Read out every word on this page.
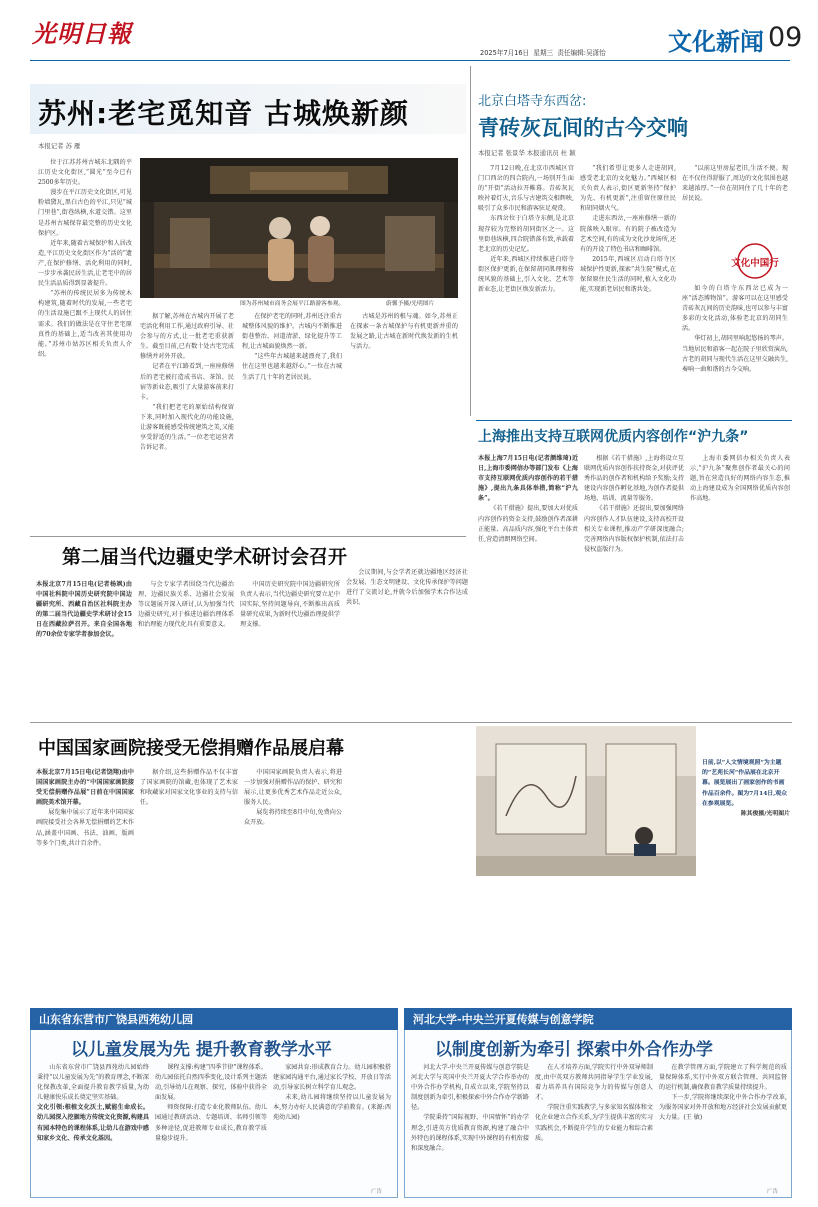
光明日報
2025年7月16日 星期三 责任编辑:吴潇怡	文化新闻 09
苏州:老宅觅知音 古城焕新颜
本报记者 苏 雁

位于江苏苏州古城东北隅的平江历史文化街区,“圆光”至今已有2500多年历史。

漫步在平江历史文化街区,可见粉墙黛瓦,黑白古色的平江,只见“城门里巷”,街巷纵横,水道交错。这里是苏州古城保存最完整的历史文化保护区。

近年来,随着古城保护和人居改造,平江历史文化街区作为“活的”遗产,在保护修缮、活化利用的同时,一步步承袭民居生活,让老宅中的居民生活品质得到显著提升。

“苏州的传统民居多为传统木构建筑,随着时代的发展,一些老宅的生活设施已跟不上现代人的居住需求。我们的做法是在守住老宅原真性的基础上,适当改善其使用功能。”苏州市姑苏区相关负责人介绍。

图为苏州城市商务会展平江路游客参观。	蔚馨予摄/光明图片

据了解,苏州在古城内开展了老宅活化利用工作,通过政府引导、社会参与的方式,让一批老宅重获新生。截至目前,已有数十处古宅完成修缮并对外开放。

记者在平江路看到,一座座修缮后的老宅被打造成书店、茶馆、民宿等新业态,吸引了大量游客前来打卡。

“我们把老宅的原始结构保留下来,同时加入现代化的功能设施,让游客既能感受传统建筑之美,又能享受舒适的生活。”一位老宅运营者告诉记者。

在保护老宅的同时,苏州还注重古城整体风貌的维护。古城内不断推进街巷整治、河道清淤、绿化提升等工程,让古城面貌焕然一新。

“这些年古城越来越漂亮了,我们住在这里也越来越舒心。”一位在古城生活了几十年的老居民说。

古城是苏州的根与魂。如今,苏州正在探索一条古城保护与有机更新并重的发展之路,让古城在新时代焕发新的生机与活力。

北京白塔寺东西岔:
青砖灰瓦间的古今交响
本报记者 张景华 本报通讯员 杜 颖

7月12日晚,在北京市西城区宫门口西岔的四合院内,一场别开生面的“开街”活动拉开帷幕。青砖灰瓦映衬着灯火,音乐与古建筑交相辉映,吸引了众多市民和游客驻足观赏。

东西岔位于白塔寺东侧,是北京现存较为完整的胡同街区之一。这里街巷纵横,四合院错落有致,承载着老北京的历史记忆。

近年来,西城区持续推进白塔寺街区保护更新,在保留胡同肌理和传统风貌的基础上,引入文化、艺术等新业态,让老街区焕发新活力。

“我们希望让更多人走进胡同,感受老北京的文化魅力。”西城区相关负责人表示,街区更新坚持“保护为先、有机更新”,注重留住原住民和胡同烟火气。

走进东西岔,一座座修缮一新的院落映入眼帘。有的院子被改造为艺术空间,有的成为文化沙龙场所,还有的开设了特色书店和咖啡馆。

2015年,西城区启动白塔寺区域保护性更新,探索“共生院”模式,在保留原住民生活的同时,植入文化功能,实现新老居民和谐共处。

“以前这里房屋老旧,生活不便。现在不仅住得舒服了,周边的文化氛围也越来越浓厚。”一位在胡同住了几十年的老居民说。

文化中国行

如今的白塔寺东西岔已成为一座“活态博物馆”。游客可以在这里感受青砖灰瓦间的历史韵味,也可以参与丰富多彩的文化活动,体验老北京的胡同生活。

华灯初上,胡同里响起悠扬的琴声。当地居民和游客一起在院子里欣赏演出,古老的胡同与现代生活在这里交融共生,奏响一曲和谐的古今交响。

上海推出支持互联网优质内容创作“沪九条”

本报上海7月15日电(记者颜维琦)近日,上海市委网信办等部门发布《上海市支持互联网优质内容创作的若干措施》,提出九条具体举措,简称“沪九条”。

《若干措施》提出,要加大对优质内容创作的资金支持,鼓励创作者深耕正能量、高品质内容,强化平台主体责任,营造清朗网络空间。

根据《若干措施》,上海将设立互联网优质内容创作扶持资金,对获评优秀作品的创作者和机构给予奖励;支持建设内容创作孵化基地,为创作者提供场地、培训、流量等服务。

《若干措施》还提出,要加强网络内容创作人才队伍建设,支持高校开设相关专业课程,推动产学研深度融合;完善网络内容版权保护机制,依法打击侵权盗版行为。

上海市委网信办相关负责人表示,“沪九条”聚焦创作者最关心的问题,旨在营造良好的网络内容生态,推动上海建设成为全国网络优质内容创作高地。

第二届当代边疆史学术研讨会召开

本报北京7月15日电(记者杨飒)由中国社科院中国历史研究院中国边疆研究所、西藏自治区社科院主办的第二届当代边疆史学术研讨会15日在西藏拉萨召开。来自全国各地的70余位专家学者参加会议。

与会专家学者围绕当代边疆治理、边疆民族关系、边疆社会发展等议题展开深入研讨,认为加强当代边疆史研究,对于推进边疆治理体系和治理能力现代化具有重要意义。

中国历史研究院中国边疆研究所负责人表示,当代边疆史研究要立足中国实际,坚持问题导向,不断推出高质量研究成果,为新时代边疆治理提供学理支撑。

会议期间,与会学者还就边疆地区经济社会发展、生态文明建设、文化传承保护等问题进行了交流讨论,并就今后加强学术合作达成共识。

中国国家画院接受无偿捐赠作品展启幕

本报北京7月15日电(记者饶翔)由中国国家画院主办的“中国国家画院接受无偿捐赠作品展”日前在中国国家画院美术馆开幕。

展览集中展示了近年来中国国家画院接受社会各界无偿捐赠的艺术作品,涵盖中国画、书法、油画、版画等多个门类,共计百余件。

据介绍,这些捐赠作品不仅丰富了国家画院的馆藏,也体现了艺术家和收藏家对国家文化事业的支持与信任。

中国国家画院负责人表示,将进一步加强对捐赠作品的保护、研究和展示,让更多优秀艺术作品走近公众,服务人民。

展览将持续至8月中旬,免费向公众开放。

日前,以“人文情境观照”为主题的“艺苑长河”作品展在北京开幕。展览展出了画家创作的书画作品百余件。图为7月14日,观众在参观展览。

陈其俊摄/光明图片
山东省东营市广饶县西苑幼儿园
以儿童发展为先 提升教育教学水平

山东省东营市广饶县西苑幼儿园始终秉持“以儿童发展为先”的教育理念,不断深化保教改革,全面提升教育教学质量,为幼儿健康快乐成长奠定坚实基础。

文化引领:根植文化沃土,赋能生命成长。幼儿园深入挖掘地方传统文化资源,构建具有园本特色的课程体系,让幼儿在游戏中感知家乡文化、传承文化基因。

课程支撑:构建“四季节律”课程体系。幼儿园依托自然四季变化,设计系列主题活动,引导幼儿在观察、探究、体验中获得全面发展。

师资保障:打造专业化教师队伍。幼儿园通过教研活动、专题培训、名师引领等多种途径,促进教师专业成长,教育教学质量稳步提升。

家园共育:形成教育合力。幼儿园积极搭建家园沟通平台,通过家长学校、开放日等活动,引导家长树立科学育儿观念。

未来,幼儿园将继续坚持以儿童发展为本,努力办好人民满意的学前教育。(来源:西苑幼儿园)

广告
河北大学-中央兰开夏传媒与创意学院
以制度创新为牵引 探索中外合作办学

河北大学-中央兰开夏传媒与创意学院是河北大学与英国中央兰开夏大学合作举办的中外合作办学机构,自成立以来,学院坚持以制度创新为牵引,积极探索中外合作办学新路径。

学院秉持“国际视野、中国情怀”的办学理念,引进英方优质教育资源,构建了融合中外特色的课程体系,实现中外课程的有机衔接和深度融合。

在人才培养方面,学院实行中外双导师制度,由中英双方教师共同指导学生学业发展,着力培养具有国际竞争力的传媒与创意人才。

学院注重实践教学,与多家知名媒体和文化企业建立合作关系,为学生提供丰富的实习实践机会,不断提升学生的专业能力和综合素质。

在教学管理方面,学院建立了科学规范的质量保障体系,实行中外双方联合管理、共同监督的运行机制,确保教育教学质量持续提升。

下一步,学院将继续深化中外合作办学改革,为服务国家对外开放和地方经济社会发展贡献更大力量。(王 敏)

广告
